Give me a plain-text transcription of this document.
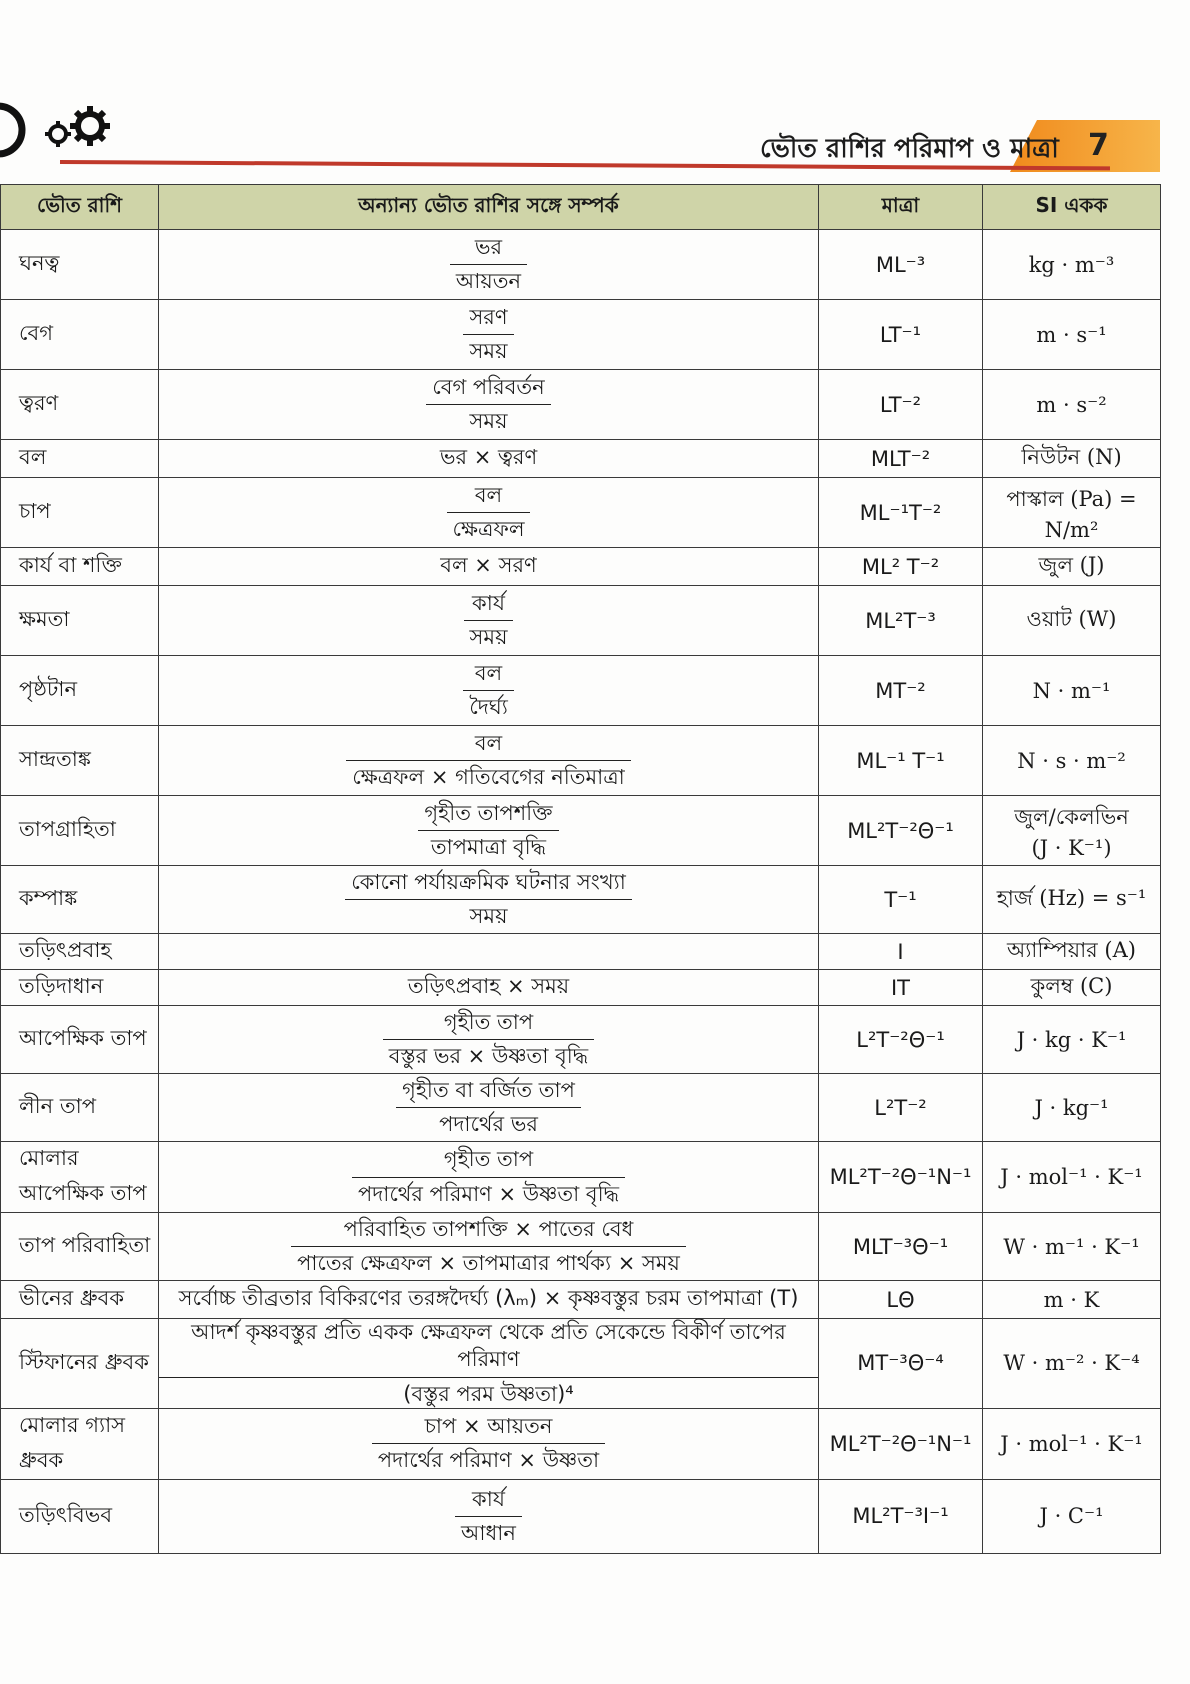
ভৌত রাশির পরিমাপ ও মাত্রা 7
ভৌত রাশি	অন্যান্য ভৌত রাশির সঙ্গে সম্পর্ক	মাত্রা	SI একক
ঘনত্ব	$\frac{\text{ভর}}{\text{আয়তন}}$	ML⁻³	kg · m⁻³

বেগ	$\frac{\text{সরণ}}{\text{সময়}}$	LT⁻¹	m · s⁻¹

ত্বরণ	$\frac{\text{বেগ পরিবর্তন}}{\text{সময়}}$	LT⁻²	m · s⁻²

বল	ভর × ত্বরণ	MLT⁻²	নিউটন (N)

চাপ	$\frac{\text{বল}}{\text{ক্ষেত্রফল}}$	ML⁻¹T⁻²	পাস্কাল (Pa) =
N/m²

কার্য বা শক্তি	বল × সরণ	ML² T⁻²	জুল (J)

ক্ষমতা	$\frac{\text{কার্য}}{\text{সময়}}$	ML²T⁻³	ওয়াট (W)

পৃষ্ঠটান	$\frac{\text{বল}}{\text{দৈর্ঘ্য}}$	MT⁻²	N · m⁻¹

সান্দ্রতাঙ্ক	$\frac{\text{বল}}{\text{ক্ষেত্রফল × গতিবেগের নতিমাত্রা}}$	ML⁻¹ T⁻¹	N · s · m⁻²

তাপগ্রাহিতা	$\frac{\text{গৃহীত তাপশক্তি}}{\text{তাপমাত্রা বৃদ্ধি}}$	ML²T⁻²Θ⁻¹	জুল/কেলভিন
(J · K⁻¹)

কম্পাঙ্ক	$\frac{\text{কোনো পর্যায়ক্রমিক ঘটনার সংখ্যা}}{\text{সময়}}$	T⁻¹	হার্জ (Hz) = s⁻¹

তড়িৎপ্রবাহ		I	অ্যাম্পিয়ার (A)

তড়িদাধান	তড়িৎপ্রবাহ × সময়	IT	কুলম্ব (C)

আপেক্ষিক তাপ	$\frac{\text{গৃহীত তাপ}}{\text{বস্তুর ভর × উষ্ণতা বৃদ্ধি}}$	L²T⁻²Θ⁻¹	J · kg · K⁻¹

লীন তাপ	$\frac{\text{গৃহীত বা বর্জিত তাপ}}{\text{পদার্থের ভর}}$	L²T⁻²	J · kg⁻¹

মোলার আপেক্ষিক তাপ	$\frac{\text{গৃহীত তাপ}}{\text{পদার্থের পরিমাণ × উষ্ণতা বৃদ্ধি}}$	ML²T⁻²Θ⁻¹N⁻¹	J · mol⁻¹ · K⁻¹

তাপ পরিবাহিতা	$\frac{\text{পরিবাহিত তাপশক্তি × পাতের বেধ}}{\text{পাতের ক্ষেত্রফল × তাপমাত্রার পার্থক্য × সময়}}$	MLT⁻³Θ⁻¹	W · m⁻¹ · K⁻¹

ভীনের ধ্রুবক	সর্বোচ্চ তীব্রতার বিকিরণের তরঙ্গদৈর্ঘ্য (λₘ) × কৃষ্ণবস্তুর চরম তাপমাত্রা (T)	LΘ	m · K

স্টিফানের ধ্রুবক	আদর্শ কৃষ্ণবস্তুর প্রতি একক ক্ষেত্রফল থেকে প্রতি সেকেন্ডে বিকীর্ণ তাপের পরিমাণ
(বস্তুর পরম উষ্ণতা)⁴	MT⁻³Θ⁻⁴	W · m⁻² · K⁻⁴

মোলার গ্যাস ধ্রুবক	$\frac{\text{চাপ × আয়তন}}{\text{পদার্থের পরিমাণ × উষ্ণতা}}$	ML²T⁻²Θ⁻¹N⁻¹	J · mol⁻¹ · K⁻¹

তড়িৎবিভব	$\frac{\text{কার্য}}{\text{আধান}}$	ML²T⁻³I⁻¹	J · C⁻¹
